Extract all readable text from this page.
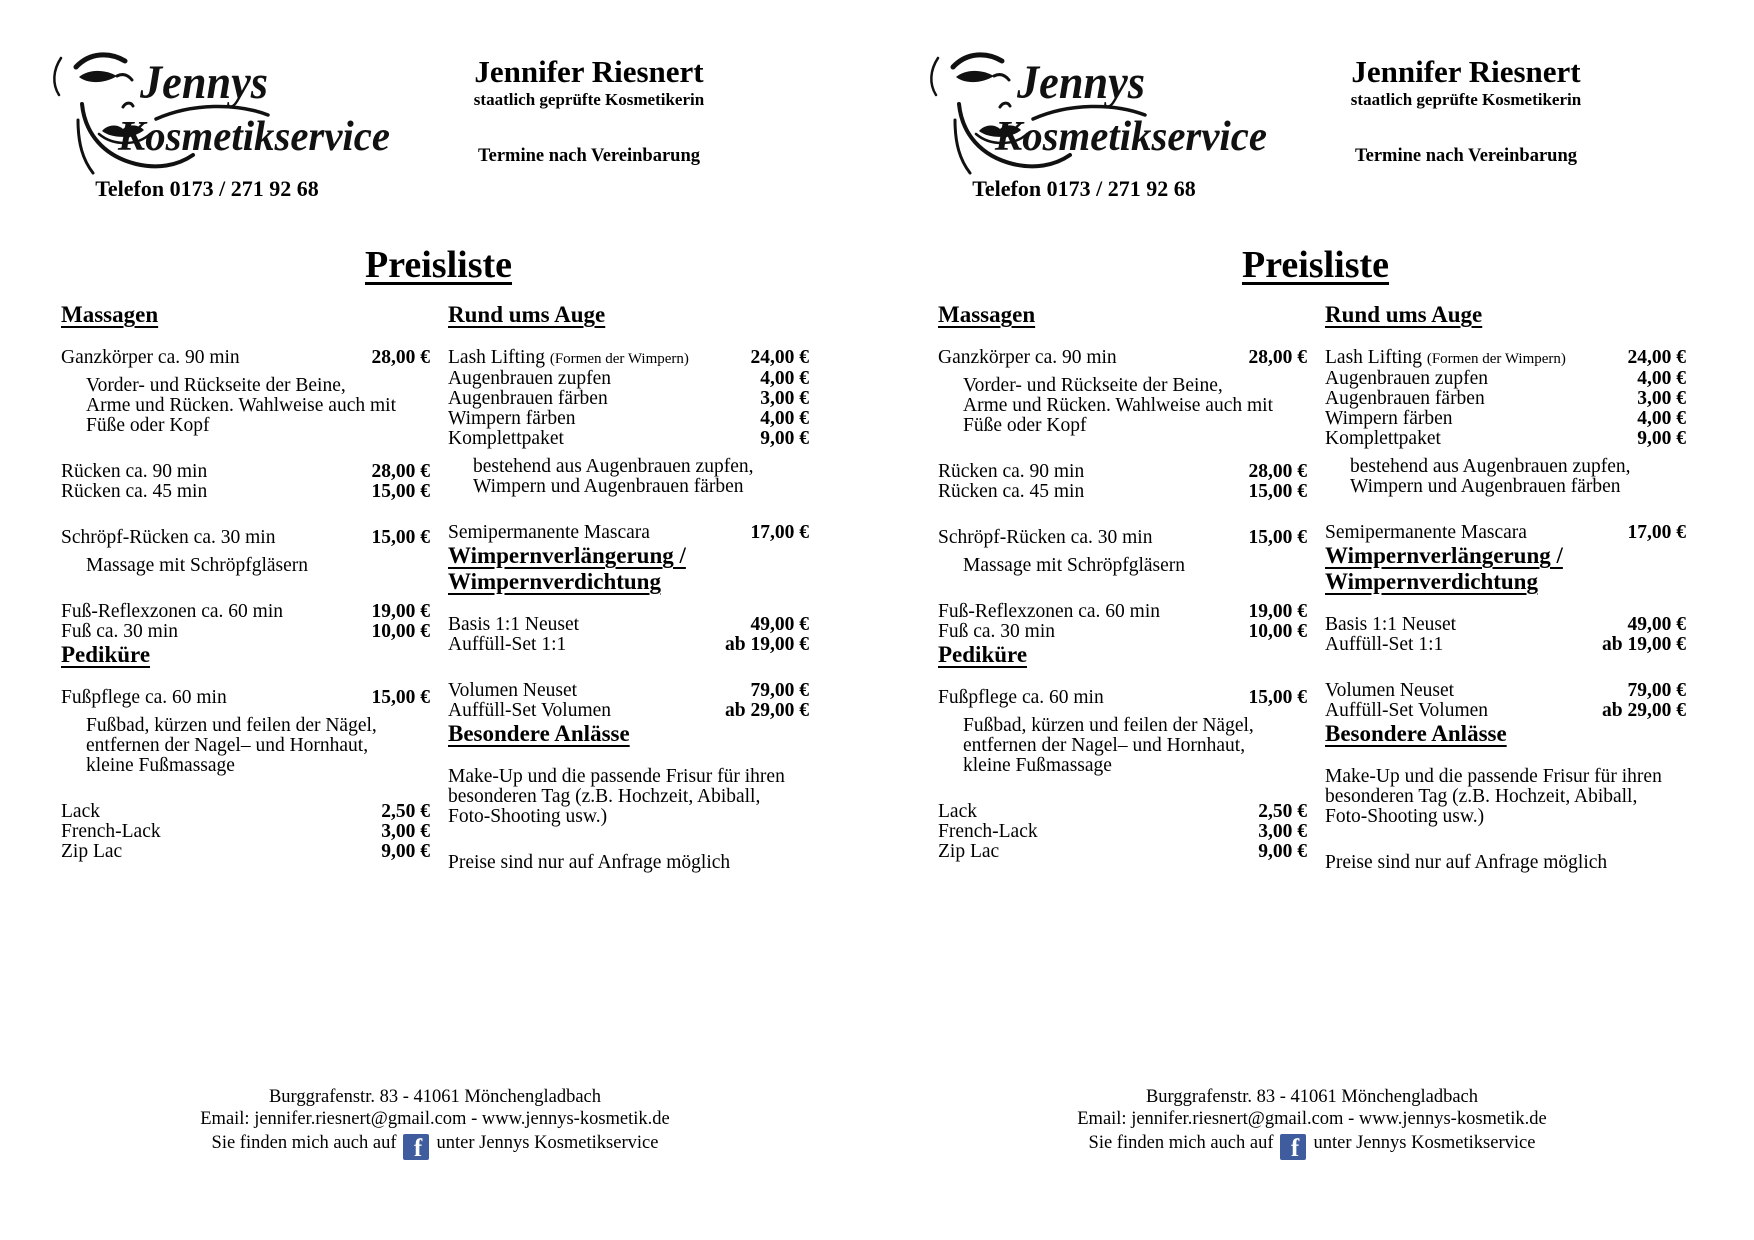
Jennys
Kosmetikservice
Telefon 0173 / 271 92 68
Jennifer Riesnert
staatlich geprüfte Kosmetikerin
Termine nach Vereinbarung
Preisliste
Massagen
Ganzkörper ca. 90 min	28,00 €
Vorder- und Rückseite der Beine,
Arme und Rücken. Wahlweise auch mit
Füße oder Kopf
Rücken ca. 90 min	28,00 €
Rücken ca. 45 min	15,00 €
Schröpf-Rücken ca. 30 min	15,00 €
Massage mit Schröpfgläsern
Fuß-Reflexzonen ca. 60 min	19,00 €
Fuß ca. 30 min	10,00 €
Pediküre
Fußpflege ca. 60 min	15,00 €
Fußbad, kürzen und feilen der Nägel,
entfernen der Nagel– und Hornhaut,
kleine Fußmassage
Lack	2,50 €
French-Lack	3,00 €
Zip Lac	9,00 €
Rund ums Auge
Lash Lifting (Formen der Wimpern)	24,00 €
Augenbrauen zupfen	4,00 €
Augenbrauen färben	3,00 €
Wimpern färben	4,00 €
Komplettpaket	9,00 €
bestehend aus Augenbrauen zupfen,
Wimpern und Augenbrauen färben
Semipermanente Mascara	17,00 €
Wimpernverlängerung /
Wimpernverdichtung
Basis 1:1 Neuset	49,00 €
Auffüll-Set 1:1	ab 19,00 €
Volumen Neuset	79,00 €
Auffüll-Set Volumen	ab 29,00 €
Besondere Anlässe
Make-Up und die passende Frisur für ihren
besonderen Tag (z.B. Hochzeit, Abiball,
Foto-Shooting usw.)
Preise sind nur auf Anfrage möglich
Burggrafenstr. 83 - 41061 Mönchengladbach
Email: jennifer.riesnert@gmail.com - www.jennys-kosmetik.de
Sie finden mich auch auf f unter Jennys Kosmetikservice
Jennys
Kosmetikservice
Telefon 0173 / 271 92 68
Jennifer Riesnert
staatlich geprüfte Kosmetikerin
Termine nach Vereinbarung
Preisliste
Massagen
Ganzkörper ca. 90 min	28,00 €
Vorder- und Rückseite der Beine,
Arme und Rücken. Wahlweise auch mit
Füße oder Kopf
Rücken ca. 90 min	28,00 €
Rücken ca. 45 min	15,00 €
Schröpf-Rücken ca. 30 min	15,00 €
Massage mit Schröpfgläsern
Fuß-Reflexzonen ca. 60 min	19,00 €
Fuß ca. 30 min	10,00 €
Pediküre
Fußpflege ca. 60 min	15,00 €
Fußbad, kürzen und feilen der Nägel,
entfernen der Nagel– und Hornhaut,
kleine Fußmassage
Lack	2,50 €
French-Lack	3,00 €
Zip Lac	9,00 €
Rund ums Auge
Lash Lifting (Formen der Wimpern)	24,00 €
Augenbrauen zupfen	4,00 €
Augenbrauen färben	3,00 €
Wimpern färben	4,00 €
Komplettpaket	9,00 €
bestehend aus Augenbrauen zupfen,
Wimpern und Augenbrauen färben
Semipermanente Mascara	17,00 €
Wimpernverlängerung /
Wimpernverdichtung
Basis 1:1 Neuset	49,00 €
Auffüll-Set 1:1	ab 19,00 €
Volumen Neuset	79,00 €
Auffüll-Set Volumen	ab 29,00 €
Besondere Anlässe
Make-Up und die passende Frisur für ihren
besonderen Tag (z.B. Hochzeit, Abiball,
Foto-Shooting usw.)
Preise sind nur auf Anfrage möglich
Burggrafenstr. 83 - 41061 Mönchengladbach
Email: jennifer.riesnert@gmail.com - www.jennys-kosmetik.de
Sie finden mich auch auf f unter Jennys Kosmetikservice
